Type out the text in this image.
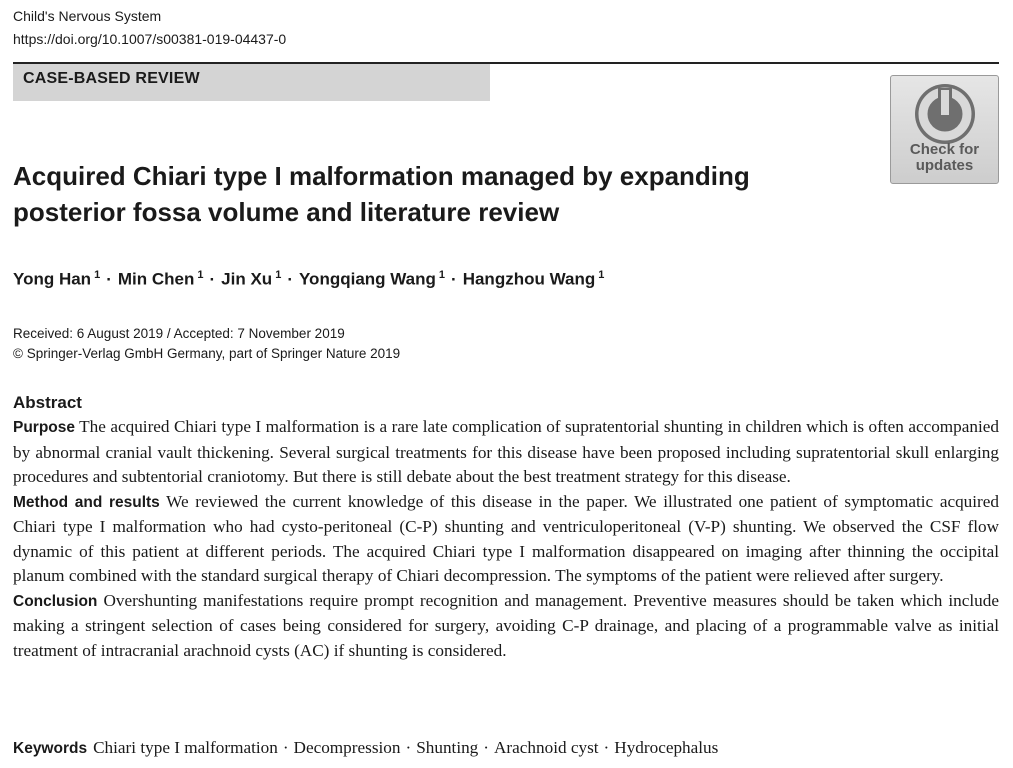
Child's Nervous System
https://doi.org/10.1007/s00381-019-04437-0
CASE-BASED REVIEW
Check for
updates
Acquired Chiari type I malformation managed by expanding posterior fossa volume and literature review
Yong Han $^1$ · Min Chen $^1$ · Jin Xu $^1$ · Yongqiang Wang $^1$ · Hangzhou Wang $^1$
Received: 6 August 2019 / Accepted: 7 November 2019
© Springer-Verlag GmbH Germany, part of Springer Nature 2019
Abstract

Purpose The acquired Chiari type I malformation is a rare late complication of supratentorial shunting in children which is often accompanied by abnormal cranial vault thickening. Several surgical treatments for this disease have been proposed including supratentorial skull enlarging procedures and subtentorial craniotomy. But there is still debate about the best treatment strategy for this disease.

Method and results We reviewed the current knowledge of this disease in the paper. We illustrated one patient of symptomatic acquired Chiari type I malformation who had cysto-peritoneal (C-P) shunting and ventriculoperitoneal (V-P) shunting. We observed the CSF flow dynamic of this patient at different periods. The acquired Chiari type I malformation disappeared on imaging after thinning the occipital planum combined with the standard surgical therapy of Chiari decompression. The symptoms of the patient were relieved after surgery.

Conclusion Overshunting manifestations require prompt recognition and management. Preventive measures should be taken which include making a stringent selection of cases being considered for surgery, avoiding C-P drainage, and placing of a programmable valve as initial treatment of intracranial arachnoid cysts (AC) if shunting is considered.

Keywords Chiari type I malformation · Decompression · Shunting · Arachnoid cyst · Hydrocephalus
